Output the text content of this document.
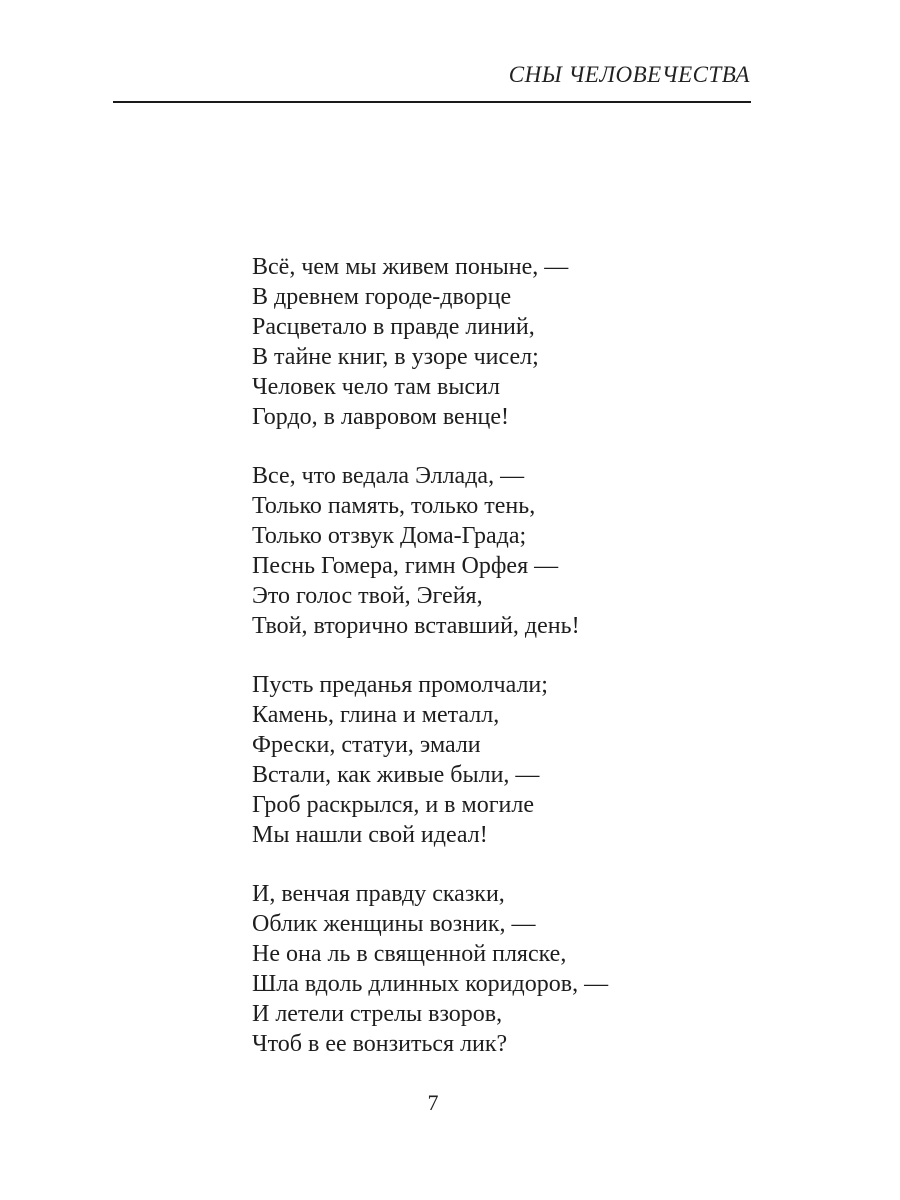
СНЫ ЧЕЛОВЕЧЕСТВА
Всё, чем мы живем поныне, —
В древнем городе-дворце
Расцветало в правде линий,
В тайне книг, в узоре чисел;
Человек чело там высил
Гордо, в лавровом венце!
Все, что ведала Эллада, —
Только память, только тень,
Только отзвук Дома-Града;
Песнь Гомера, гимн Орфея —
Это голос твой, Эгейя,
Твой, вторично вставший, день!
Пусть преданья промолчали;
Камень, глина и металл,
Фрески, статуи, эмали
Встали, как живые были, —
Гроб раскрылся, и в могиле
Мы нашли свой идеал!
И, венчая правду сказки,
Облик женщины возник, —
Не она ль в священной пляске,
Шла вдоль длинных коридоров, —
И летели стрелы взоров,
Чтоб в ее вонзиться лик?
7
